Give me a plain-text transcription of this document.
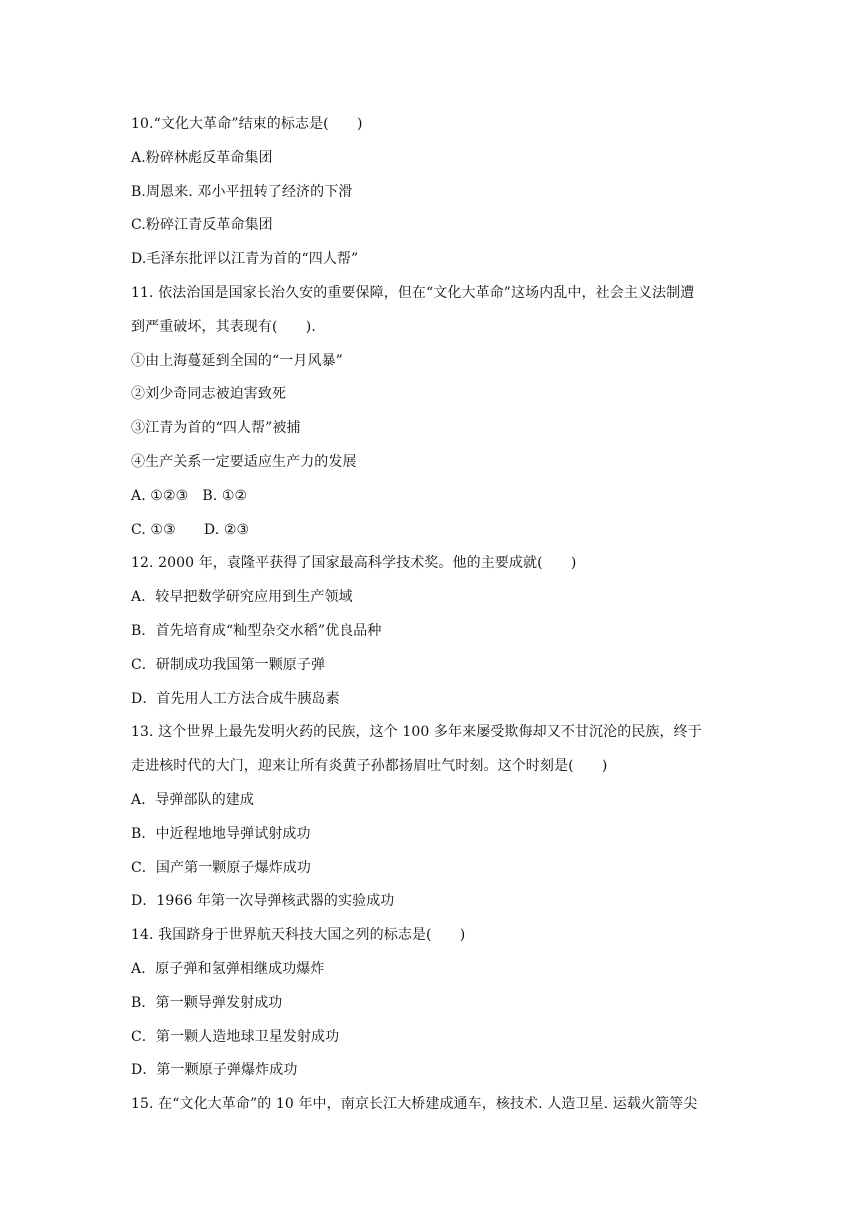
10.“文化大革命”结束的标志是(　　)
A.粉碎林彪反革命集团
B.周恩来. 邓小平扭转了经济的下滑
C.粉碎江青反革命集团
D.毛泽东批评以江青为首的“四人帮”
11. 依法治国是国家长治久安的重要保障，但在“文化大革命”这场内乱中，社会主义法制遭
到严重破坏，其表现有(　　).
①由上海蔓延到全国的“一月风暴”
②刘少奇同志被迫害致死
③江青为首的“四人帮”被捕
④生产关系一定要适应生产力的发展
A. ①②③　B. ①②
C. ①③　　D. ②③
12. 2000 年，袁隆平获得了国家最高科学技术奖。他的主要成就(　　)
A．较早把数学研究应用到生产领域
B．首先培育成“籼型杂交水稻”优良品种
C．研制成功我国第一颗原子弹
D．首先用人工方法合成牛胰岛素
13. 这个世界上最先发明火药的民族，这个 100 多年来屡受欺侮却又不甘沉沦的民族，终于
走进核时代的大门，迎来让所有炎黄子孙都扬眉吐气时刻。这个时刻是(　　)
A．导弹部队的建成
B．中近程地地导弹试射成功
C．国产第一颗原子爆炸成功
D．1966 年第一次导弹核武器的实验成功
14. 我国跻身于世界航天科技大国之列的标志是(　　)
A．原子弹和氢弹相继成功爆炸
B．第一颗导弹发射成功
C．第一颗人造地球卫星发射成功
D．第一颗原子弹爆炸成功
15. 在“文化大革命”的 10 年中，南京长江大桥建成通车，核技术. 人造卫星. 运载火箭等尖
